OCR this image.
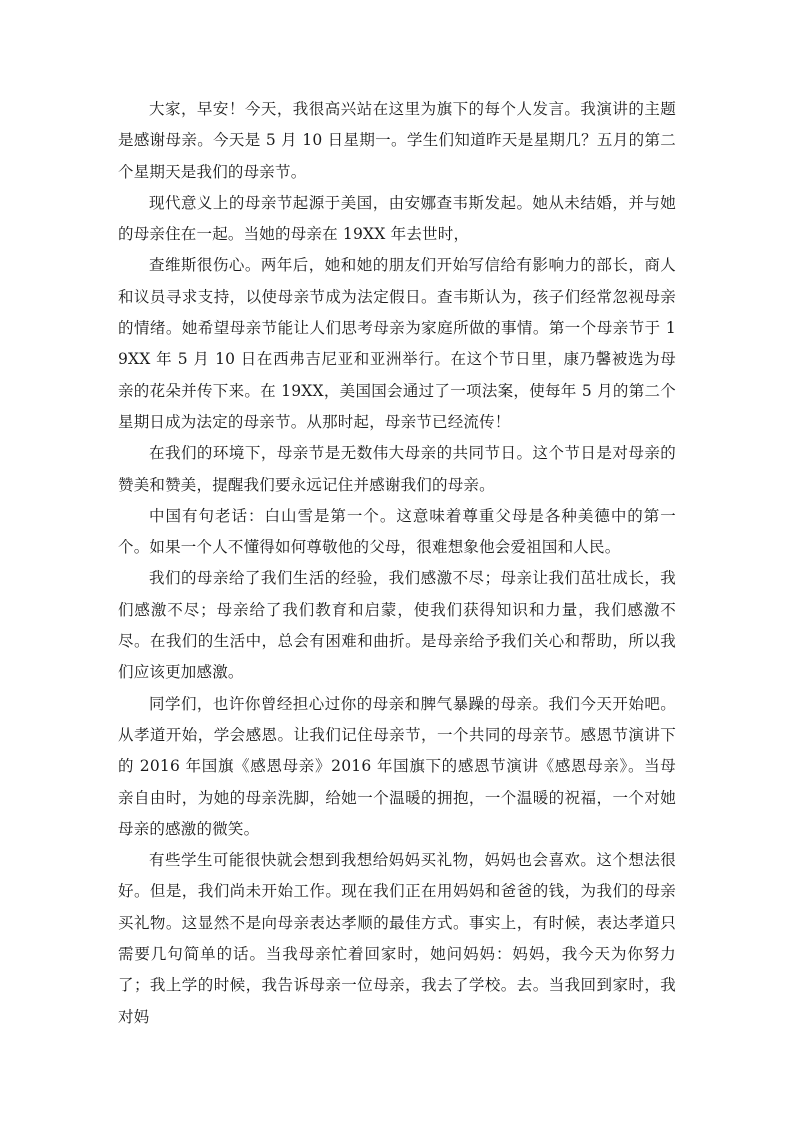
大家，早安！今天，我很高兴站在这里为旗下的每个人发言。我演讲的主题是感谢母亲。今天是 5 月 10 日星期一。学生们知道昨天是星期几？五月的第二个星期天是我们的母亲节。

现代意义上的母亲节起源于美国，由安娜查韦斯发起。她从未结婚，并与她的母亲住在一起。当她的母亲在 19XX 年去世时，

查维斯很伤心。两年后，她和她的朋友们开始写信给有影响力的部长，商人和议员寻求支持，以使母亲节成为法定假日。查韦斯认为，孩子们经常忽视母亲的情绪。她希望母亲节能让人们思考母亲为家庭所做的事情。第一个母亲节于 19XX 年 5 月 10 日在西弗吉尼亚和亚洲举行。在这个节日里，康乃馨被选为母亲的花朵并传下来。在 19XX，美国国会通过了一项法案，使每年 5 月的第二个星期日成为法定的母亲节。从那时起，母亲节已经流传！

在我们的环境下，母亲节是无数伟大母亲的共同节日。这个节日是对母亲的赞美和赞美，提醒我们要永远记住并感谢我们的母亲。

中国有句老话：白山雪是第一个。这意味着尊重父母是各种美德中的第一个。如果一个人不懂得如何尊敬他的父母，很难想象他会爱祖国和人民。

我们的母亲给了我们生活的经验，我们感激不尽；母亲让我们茁壮成长，我们感激不尽；母亲给了我们教育和启蒙，使我们获得知识和力量，我们感激不尽。在我们的生活中，总会有困难和曲折。是母亲给予我们关心和帮助，所以我们应该更加感激。

同学们，也许你曾经担心过你的母亲和脾气暴躁的母亲。我们今天开始吧。从孝道开始，学会感恩。让我们记住母亲节，一个共同的母亲节。感恩节演讲下的 2016 年国旗《感恩母亲》2016 年国旗下的感恩节演讲《感恩母亲》。当母亲自由时，为她的母亲洗脚，给她一个温暖的拥抱，一个温暖的祝福，一个对她母亲的感激的微笑。

有些学生可能很快就会想到我想给妈妈买礼物，妈妈也会喜欢。这个想法很好。但是，我们尚未开始工作。现在我们正在用妈妈和爸爸的钱，为我们的母亲买礼物。这显然不是向母亲表达孝顺的最佳方式。事实上，有时候，表达孝道只需要几句简单的话。当我母亲忙着回家时，她问妈妈：妈妈，我今天为你努力了；我上学的时候，我告诉母亲一位母亲，我去了学校。去。当我回到家时，我对妈
